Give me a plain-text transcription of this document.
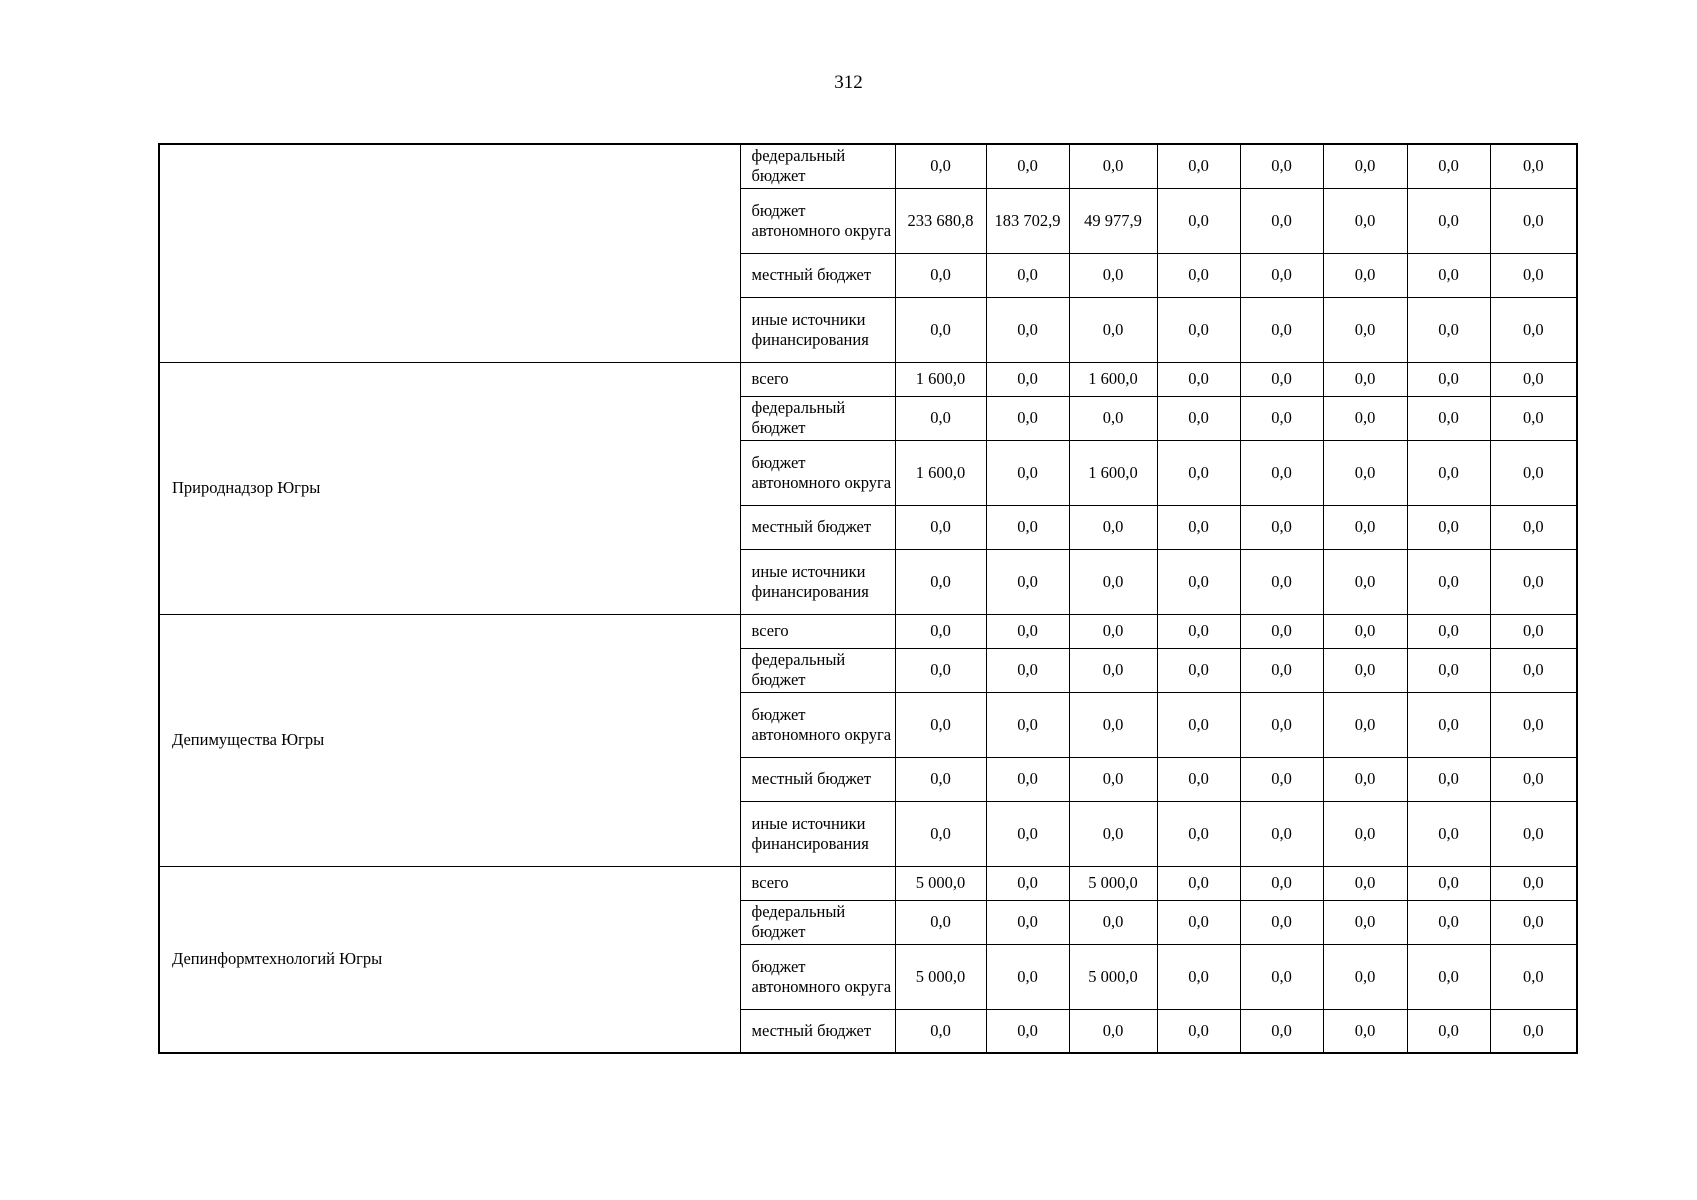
312
	федеральный бюджет	0,0	0,0	0,0	0,0	0,0	0,0	0,0	0,0
	бюджет автономного округа	233 680,8	183 702,9	49 977,9	0,0	0,0	0,0	0,0	0,0
	местный бюджет	0,0	0,0	0,0	0,0	0,0	0,0	0,0	0,0
	иные источники финансирования	0,0	0,0	0,0	0,0	0,0	0,0	0,0	0,0
Природнадзор Югры	всего	1 600,0	0,0	1 600,0	0,0	0,0	0,0	0,0	0,0
	федеральный бюджет	0,0	0,0	0,0	0,0	0,0	0,0	0,0	0,0
	бюджет автономного округа	1 600,0	0,0	1 600,0	0,0	0,0	0,0	0,0	0,0
	местный бюджет	0,0	0,0	0,0	0,0	0,0	0,0	0,0	0,0
	иные источники финансирования	0,0	0,0	0,0	0,0	0,0	0,0	0,0	0,0
Депимущества Югры	всего	0,0	0,0	0,0	0,0	0,0	0,0	0,0	0,0
	федеральный бюджет	0,0	0,0	0,0	0,0	0,0	0,0	0,0	0,0
	бюджет автономного округа	0,0	0,0	0,0	0,0	0,0	0,0	0,0	0,0
	местный бюджет	0,0	0,0	0,0	0,0	0,0	0,0	0,0	0,0
	иные источники финансирования	0,0	0,0	0,0	0,0	0,0	0,0	0,0	0,0
Депинформтехнологий Югры	всего	5 000,0	0,0	5 000,0	0,0	0,0	0,0	0,0	0,0
	федеральный бюджет	0,0	0,0	0,0	0,0	0,0	0,0	0,0	0,0
	бюджет автономного округа	5 000,0	0,0	5 000,0	0,0	0,0	0,0	0,0	0,0
	местный бюджет	0,0	0,0	0,0	0,0	0,0	0,0	0,0	0,0
